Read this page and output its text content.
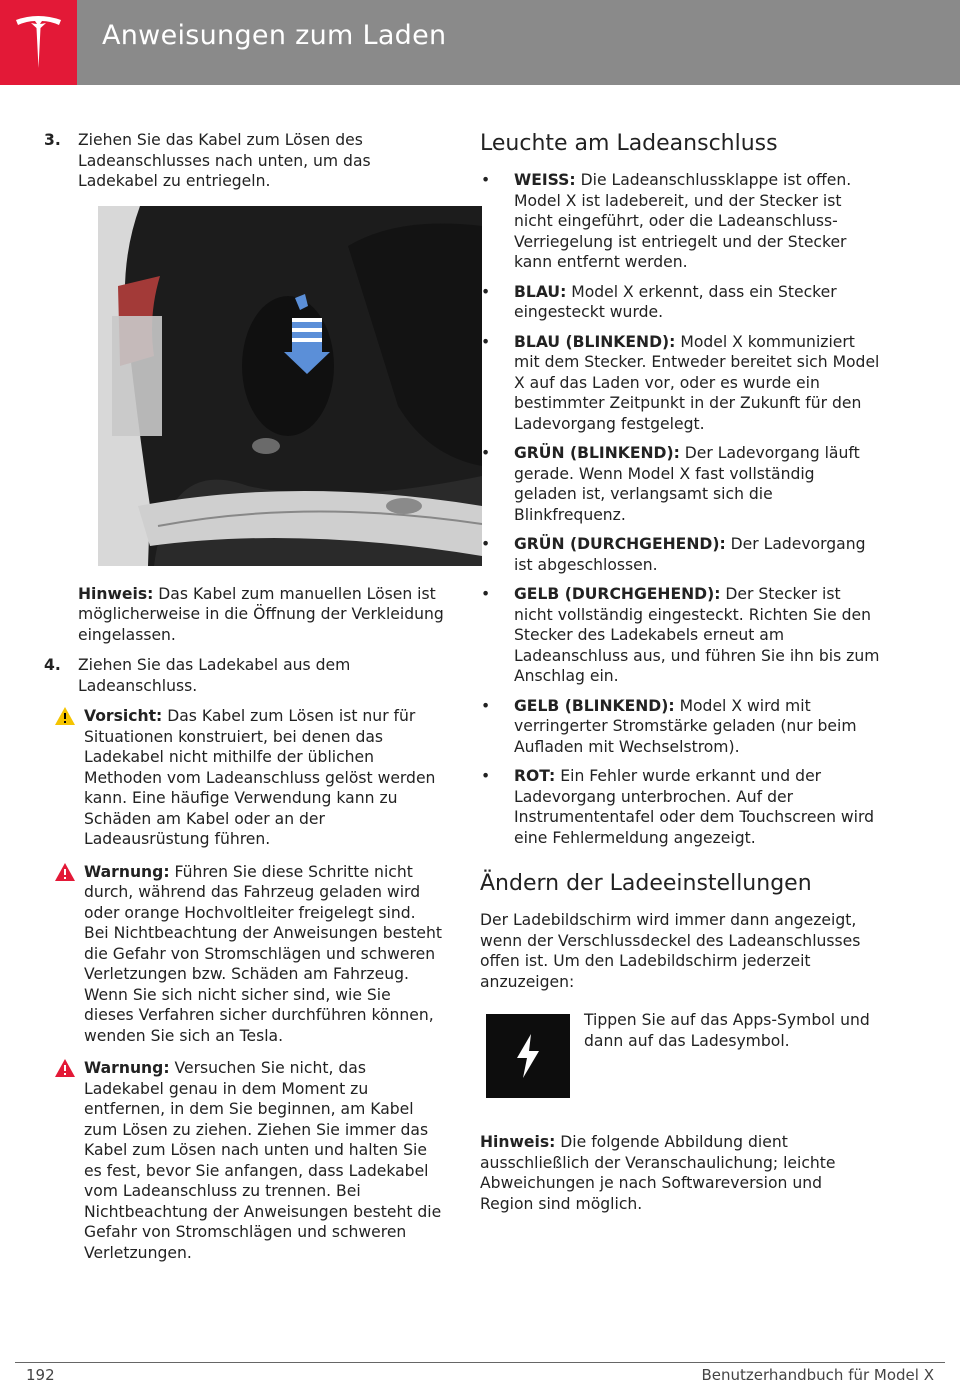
Anweisungen zum Laden
3. Ziehen Sie das Kabel zum Lösen des Ladeanschlusses nach unten, um das Ladekabel zu entriegeln.
Hinweis: Das Kabel zum manuellen Lösen ist möglicherweise in die Öffnung der Verkleidung eingelassen.
4. Ziehen Sie das Ladekabel aus dem Ladeanschluss.
Vorsicht: Das Kabel zum Lösen ist nur für Situationen konstruiert, bei denen das Ladekabel nicht mithilfe der üblichen Methoden vom Ladeanschluss gelöst werden kann. Eine häufige Verwendung kann zu Schäden am Kabel oder an der Ladeausrüstung führen.
Warnung: Führen Sie diese Schritte nicht durch, während das Fahrzeug geladen wird oder orange Hochvoltleiter freigelegt sind. Bei Nichtbeachtung der Anweisungen besteht die Gefahr von Stromschlägen und schweren Verletzungen bzw. Schäden am Fahrzeug. Wenn Sie sich nicht sicher sind, wie Sie dieses Verfahren sicher durchführen können, wenden Sie sich an Tesla.
Warnung: Versuchen Sie nicht, das Ladekabel genau in dem Moment zu entfernen, in dem Sie beginnen, am Kabel zum Lösen zu ziehen. Ziehen Sie immer das Kabel zum Lösen nach unten und halten Sie es fest, bevor Sie anfangen, dass Ladekabel vom Ladeanschluss zu trennen. Bei Nichtbeachtung der Anweisungen besteht die Gefahr von Stromschlägen und schweren Verletzungen.
Leuchte am Ladeanschluss
• WEISS: Die Ladeanschlussklappe ist offen. Model X ist ladebereit, und der Stecker ist nicht eingeführt, oder die Ladeanschluss-Verriegelung ist entriegelt und der Stecker kann entfernt werden.
• BLAU: Model X erkennt, dass ein Stecker eingesteckt wurde.
• BLAU (BLINKEND): Model X kommuniziert mit dem Stecker. Entweder bereitet sich Model X auf das Laden vor, oder es wurde ein bestimmter Zeitpunkt in der Zukunft für den Ladevorgang festgelegt.
• GRÜN (BLINKEND): Der Ladevorgang läuft gerade. Wenn Model X fast vollständig geladen ist, verlangsamt sich die Blinkfrequenz.
• GRÜN (DURCHGEHEND): Der Ladevorgang ist abgeschlossen.
• GELB (DURCHGEHEND): Der Stecker ist nicht vollständig eingesteckt. Richten Sie den Stecker des Ladekabels erneut am Ladeanschluss aus, und führen Sie ihn bis zum Anschlag ein.
• GELB (BLINKEND): Model X wird mit verringerter Stromstärke geladen (nur beim Aufladen mit Wechselstrom).
• ROT: Ein Fehler wurde erkannt und der Ladevorgang unterbrochen. Auf der Instrumententafel oder dem Touchscreen wird eine Fehlermeldung angezeigt.
Ändern der Ladeeinstellungen
Der Ladebildschirm wird immer dann angezeigt, wenn der Verschlussdeckel des Ladeanschlusses offen ist. Um den Ladebildschirm jederzeit anzuzeigen:
Tippen Sie auf das Apps-Symbol und dann auf das Ladesymbol.
Hinweis: Die folgende Abbildung dient ausschließlich der Veranschaulichung; leichte Abweichungen je nach Softwareversion und Region sind möglich.
192	Benutzerhandbuch für Model X
